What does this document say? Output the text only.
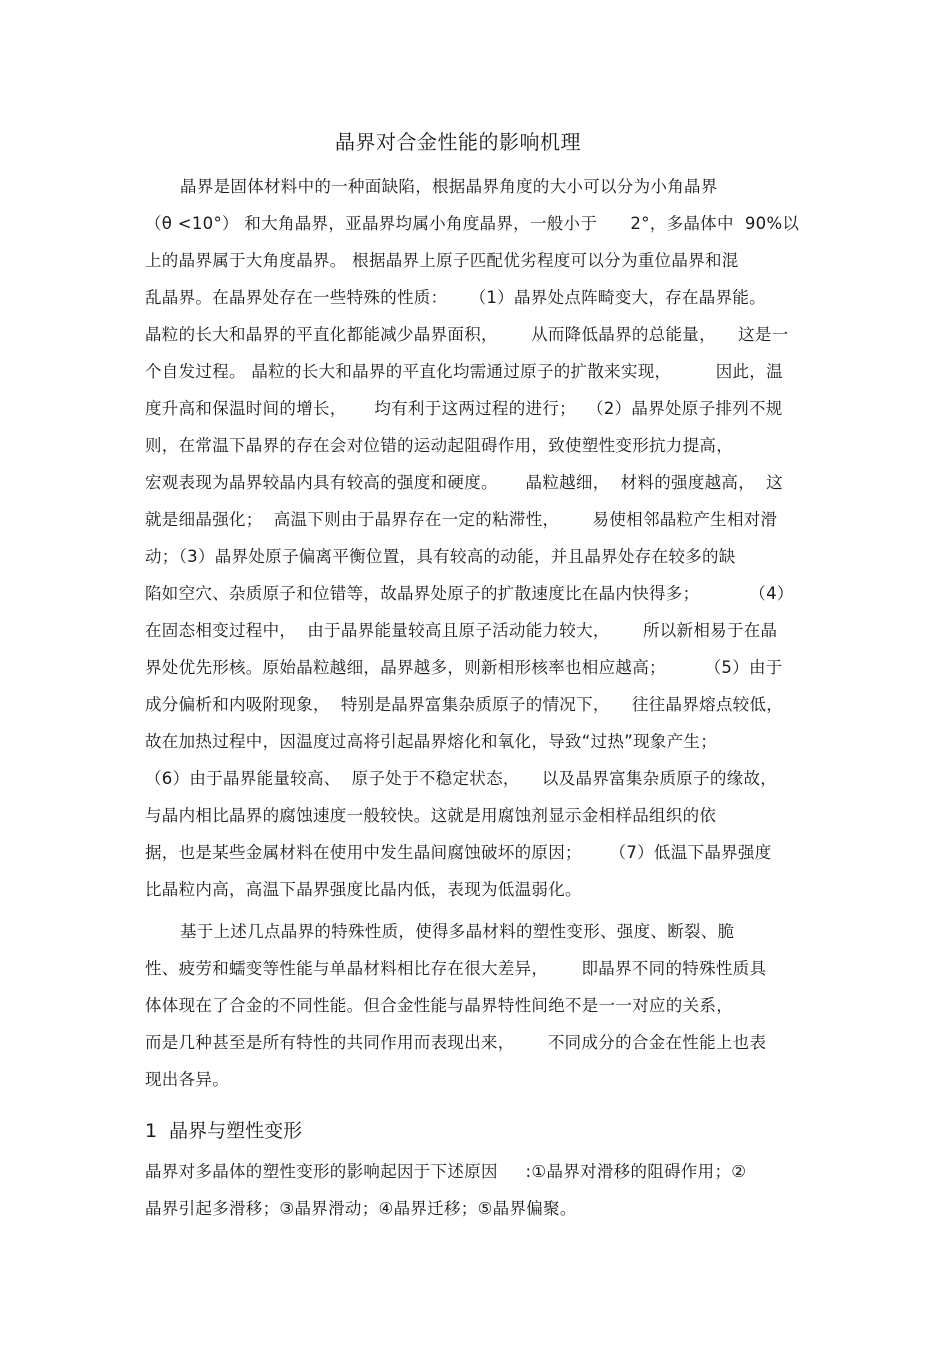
晶界对合金性能的影响机理
晶界是固体材料中的一种面缺陷，根据晶界角度的大小可以分为小角晶界
（θ <10°） 和大角晶界，亚晶界均属小角度晶界，一般小于      2°，多晶体中  90%以
上的晶界属于大角度晶界。 根据晶界上原子匹配优劣程度可以分为重位晶界和混
乱晶界。在晶界处存在一些特殊的性质：    （1）晶界处点阵畸变大，存在晶界能。
晶粒的长大和晶界的平直化都能减少晶界面积，      从而降低晶界的总能量，    这是一
个自发过程。 晶粒的长大和晶界的平直化均需通过原子的扩散来实现，        因此，温
度升高和保温时间的增长，     均有利于这两过程的进行；  （2）晶界处原子排列不规
则，在常温下晶界的存在会对位错的运动起阻碍作用，致使塑性变形抗力提高，
宏观表现为晶界较晶内具有较高的强度和硬度。     晶粒越细，  材料的强度越高，  这
就是细晶强化；  高温下则由于晶界存在一定的粘滞性，      易使相邻晶粒产生相对滑
动；（3）晶界处原子偏离平衡位置，具有较高的动能，并且晶界处存在较多的缺
陷如空穴、杂质原子和位错等，故晶界处原子的扩散速度比在晶内快得多；         （4）
在固态相变过程中，  由于晶界能量较高且原子活动能力较大，      所以新相易于在晶
界处优先形核。原始晶粒越细，晶界越多，则新相形核率也相应越高；       （5）由于
成分偏析和内吸附现象，  特别是晶界富集杂质原子的情况下，    往往晶界熔点较低，
故在加热过程中，因温度过高将引起晶界熔化和氧化，导致“过热”现象产生；
（6）由于晶界能量较高、  原子处于不稳定状态，    以及晶界富集杂质原子的缘故，
与晶内相比晶界的腐蚀速度一般较快。这就是用腐蚀剂显示金相样品组织的依
据，也是某些金属材料在使用中发生晶间腐蚀破坏的原因；     （7）低温下晶界强度
比晶粒内高，高温下晶界强度比晶内低，表现为低温弱化。
基于上述几点晶界的特殊性质，使得多晶材料的塑性变形、强度、断裂、脆
性、疲劳和蠕变等性能与单晶材料相比存在很大差异，      即晶界不同的特殊性质具
体体现在了合金的不同性能。但合金性能与晶界特性间绝不是一一对应的关系，
而是几种甚至是所有特性的共同作用而表现出来，      不同成分的合金在性能上也表
现出各异。
1  晶界与塑性变形
晶界对多晶体的塑性变形的影响起因于下述原因     :①晶界对滑移的阻碍作用；②
晶界引起多滑移；③晶界滑动；④晶界迁移；⑤晶界偏聚。
